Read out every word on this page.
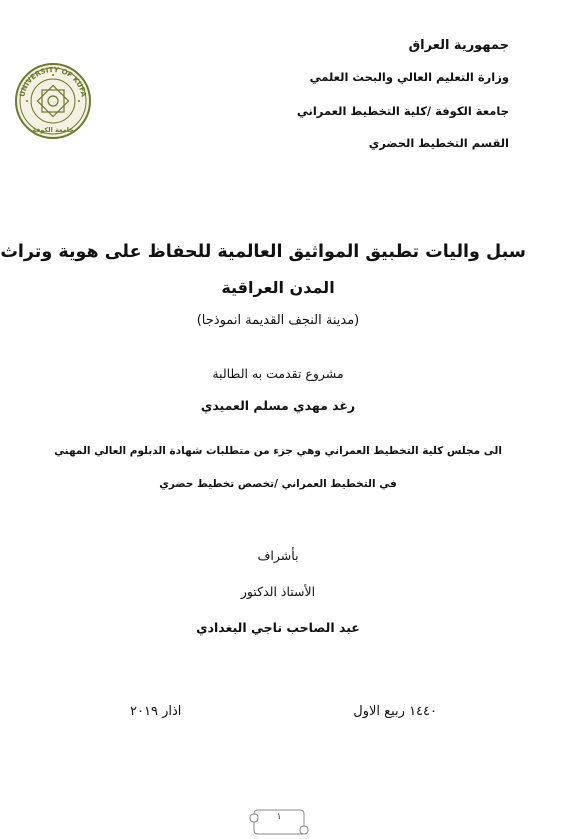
جمهورية العراق
وزارة التعليم العالي والبحث العلمي
جامعة الكوفة /كلية التخطيط العمراني
القسم التخطيط الحضري
UNIVERSITY OF KUFA
جامعة الكوفة
سبل واليات تطبيق المواثيق العالمية للحفاظ على هوية وتراث
المدن العراقية
(مدينة النجف القديمة انموذجا)
مشروع تقدمت به الطالبة
رغد مهدي مسلم العميدي
الى مجلس كلية التخطيط العمراني وهي جزء من متطلبات شهادة الدبلوم العالي المهني
في التخطيط العمراني /تخصص تخطيط حضري
بأشراف
الأستاذ الدكتور
عبد الصاحب ناجي البغدادي
١٤٤٠ ربيع الاول
اذار ٢٠١٩
١
